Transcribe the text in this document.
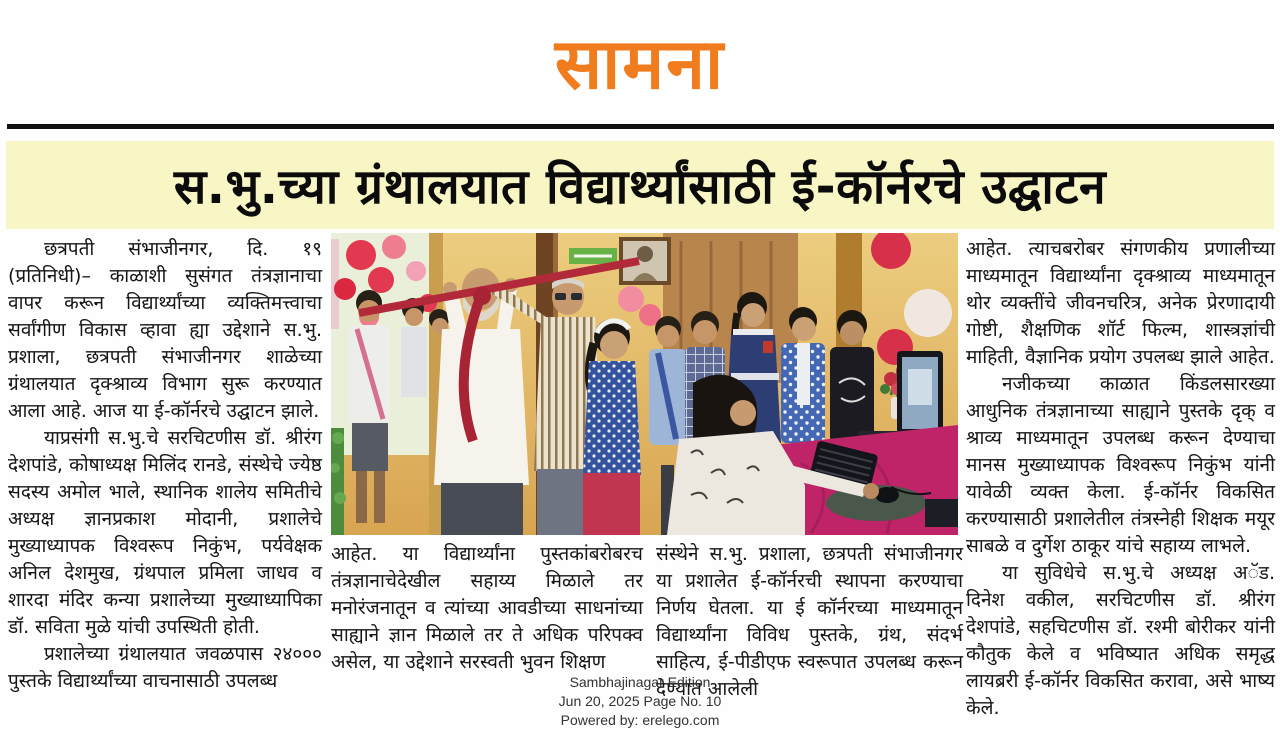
सामना
स.भु.च्या ग्रंथालयात विद्यार्थ्यांसाठी ई-कॉर्नरचे उद्घाटन

छत्रपती संभाजीनगर, दि. १९ (प्रतिनिधी)– काळाशी सुसंगत तंत्रज्ञानाचा वापर करून विद्यार्थ्यांच्या व्यक्तिमत्त्वाचा सर्वांगीण विकास व्हावा ह्या उद्देशाने स.भु. प्रशाला, छत्रपती संभाजीनगर शाळेच्या ग्रंथालयात दृक्श्राव्य विभाग सुरू करण्यात आला आहे. आज या ई-कॉर्नरचे उद्घाटन झाले.

याप्रसंगी स.भु.चे सरचिटणीस डॉ. श्रीरंग देशपांडे, कोषाध्यक्ष मिलिंद रानडे, संस्थेचे ज्येष्ठ सदस्य अमोल भाले, स्थानिक शालेय समितीचे अध्यक्ष ज्ञानप्रकाश मोदानी, प्रशालेचे मुख्याध्यापक विश्वरूप निकुंभ, पर्यवेक्षक अनिल देशमुख, ग्रंथपाल प्रमिला जाधव व शारदा मंदिर कन्या प्रशालेच्या मुख्याध्यापिका डॉ. सविता मुळे यांची उपस्थिती होती.

प्रशालेच्या ग्रंथालयात जवळपास २४००० पुस्तके विद्यार्थ्यांच्या वाचनासाठी उपलब्ध

आहेत. या विद्यार्थ्यांना पुस्तकांबरोबरच तंत्रज्ञानाचेदेखील सहाय्य मिळाले तर मनोरंजनातून व त्यांच्या आवडीच्या साधनांच्या साह्याने ज्ञान मिळाले तर ते अधिक परिपक्व असेल, या उद्देशाने सरस्वती भुवन शिक्षण

संस्थेने स.भु. प्रशाला, छत्रपती संभाजीनगर या प्रशालेत ई-कॉर्नरची स्थापना करण्याचा निर्णय घेतला. या ई कॉर्नरच्या माध्यमातून विद्यार्थ्यांना विविध पुस्तके, ग्रंथ, संदर्भ साहित्य, ई-पीडीएफ स्वरूपात उपलब्ध करून देण्यात आलेली

आहेत. त्याचबरोबर संगणकीय प्रणालीच्या माध्यमातून विद्यार्थ्यांना दृक्श्राव्य माध्यमातून थोर व्यक्तींचे जीवनचरित्र, अनेक प्रेरणादायी गोष्टी, शैक्षणिक शॉर्ट फिल्म, शास्त्रज्ञांची माहिती, वैज्ञानिक प्रयोग उपलब्ध झाले आहेत.

नजीकच्या काळात किंडलसारख्या आधुनिक तंत्रज्ञानाच्या साह्याने पुस्तके दृक् व श्राव्य माध्यमातून उपलब्ध करून देण्याचा मानस मुख्याध्यापक विश्वरूप निकुंभ यांनी यावेळी व्यक्त केला. ई-कॉर्नर विकसित करण्यासाठी प्रशालेतील तंत्रस्नेही शिक्षक मयूर साबळे व दुर्गेश ठाकूर यांचे सहाय्य लाभले.

या सुविधेचे स.भु.चे अध्यक्ष अॅड. दिनेश वकील, सरचिटणीस डॉ. श्रीरंग देशपांडे, सहचिटणीस डॉ. रश्मी बोरीकर यांनी कौतुक केले व भविष्यात अधिक समृद्ध लायब्ररी ई-कॉर्नर विकसित करावा, असे भाष्य केले.

Sambhajinagar Edition
Jun 20, 2025 Page No. 10
Powered by: erelego.com
